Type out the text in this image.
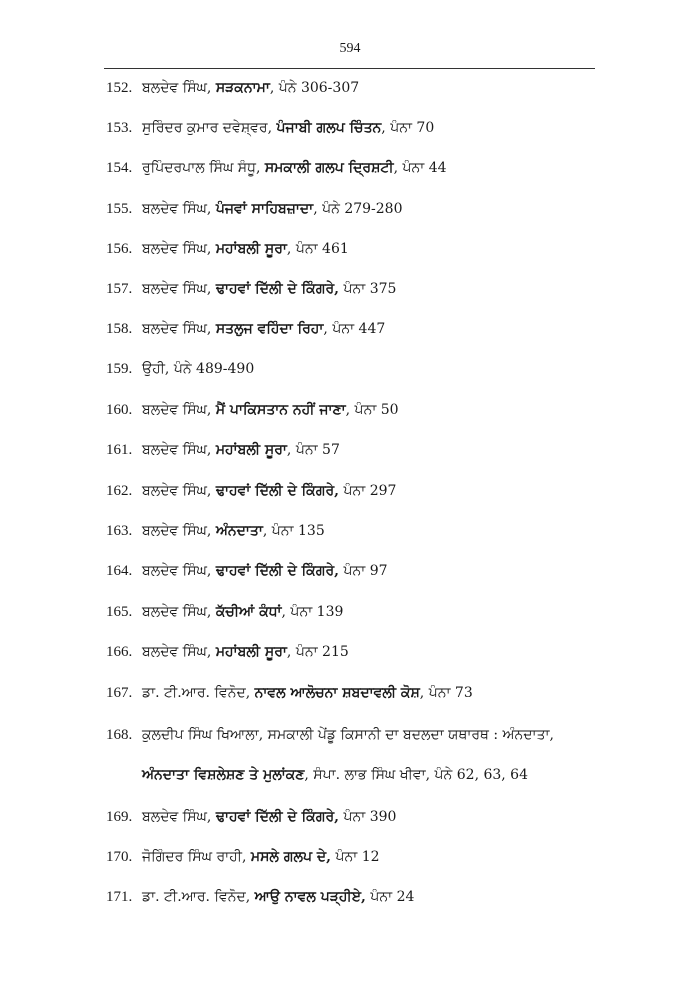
594
152. ਬਲਦੇਵ ਸਿੰਘ, ਸੜਕਨਾਮਾ, ਪੰਨੇ 306-307
153. ਸੁਰਿੰਦਰ ਕੁਮਾਰ ਦਵੇਸ਼੍ਵਰ, ਪੰਜਾਬੀ ਗਲਪ ਚਿੰਤਨ, ਪੰਨਾ 70
154. ਰੁਪਿੰਦਰਪਾਲ ਸਿੰਘ ਸੰਧੂ, ਸਮਕਾਲੀ ਗਲਪ ਦ੍ਰਿਸ਼ਟੀ, ਪੰਨਾ 44
155. ਬਲਦੇਵ ਸਿੰਘ, ਪੰਜਵਾਂ ਸਾਹਿਬਜ਼ਾਦਾ, ਪੰਨੇ 279-280
156. ਬਲਦੇਵ ਸਿੰਘ, ਮਹਾਂਬਲੀ ਸੂਰਾ, ਪੰਨਾ 461
157. ਬਲਦੇਵ ਸਿੰਘ, ਢਾਹਵਾਂ ਦਿੱਲੀ ਦੇ ਕਿੰਗਰੇ, ਪੰਨਾ 375
158. ਬਲਦੇਵ ਸਿੰਘ, ਸਤਲੁਜ ਵਹਿੰਦਾ ਰਿਹਾ, ਪੰਨਾ 447
159. ਉਹੀ, ਪੰਨੇ 489-490
160. ਬਲਦੇਵ ਸਿੰਘ, ਮੈਂ ਪਾਕਿਸਤਾਨ ਨਹੀਂ ਜਾਣਾ, ਪੰਨਾ 50
161. ਬਲਦੇਵ ਸਿੰਘ, ਮਹਾਂਬਲੀ ਸੂਰਾ, ਪੰਨਾ 57
162. ਬਲਦੇਵ ਸਿੰਘ, ਢਾਹਵਾਂ ਦਿੱਲੀ ਦੇ ਕਿੰਗਰੇ, ਪੰਨਾ 297
163. ਬਲਦੇਵ ਸਿੰਘ, ਅੰਨਦਾਤਾ, ਪੰਨਾ 135
164. ਬਲਦੇਵ ਸਿੰਘ, ਢਾਹਵਾਂ ਦਿੱਲੀ ਦੇ ਕਿੰਗਰੇ, ਪੰਨਾ 97
165. ਬਲਦੇਵ ਸਿੰਘ, ਕੱਚੀਆਂ ਕੰਧਾਂ, ਪੰਨਾ 139
166. ਬਲਦੇਵ ਸਿੰਘ, ਮਹਾਂਬਲੀ ਸੂਰਾ, ਪੰਨਾ 215
167. ਡਾ. ਟੀ.ਆਰ. ਵਿਨੋਦ, ਨਾਵਲ ਆਲੋਚਨਾ ਸ਼ਬਦਾਵਲੀ ਕੋਸ਼, ਪੰਨਾ 73
168. ਕੁਲਦੀਪ ਸਿੰਘ ਖਿਆਲਾ, ਸਮਕਾਲੀ ਪੇਂਡੂ ਕਿਸਾਨੀ ਦਾ ਬਦਲਦਾ ਯਥਾਰਥ : ਅੰਨਦਾਤਾ,
ਅੰਨਦਾਤਾ ਵਿਸ਼ਲੇਸ਼ਣ ਤੇ ਮੁਲਾਂਕਣ, ਸੰਪਾ. ਲਾਭ ਸਿੰਘ ਖੀਵਾ, ਪੰਨੇ 62, 63, 64
169. ਬਲਦੇਵ ਸਿੰਘ, ਢਾਹਵਾਂ ਦਿੱਲੀ ਦੇ ਕਿੰਗਰੇ, ਪੰਨਾ 390
170. ਜੋਗਿੰਦਰ ਸਿੰਘ ਰਾਹੀ, ਮਸਲੇ ਗਲਪ ਦੇ, ਪੰਨਾ 12
171. ਡਾ. ਟੀ.ਆਰ. ਵਿਨੋਦ, ਆਉ ਨਾਵਲ ਪੜ੍ਹੀਏ, ਪੰਨਾ 24
